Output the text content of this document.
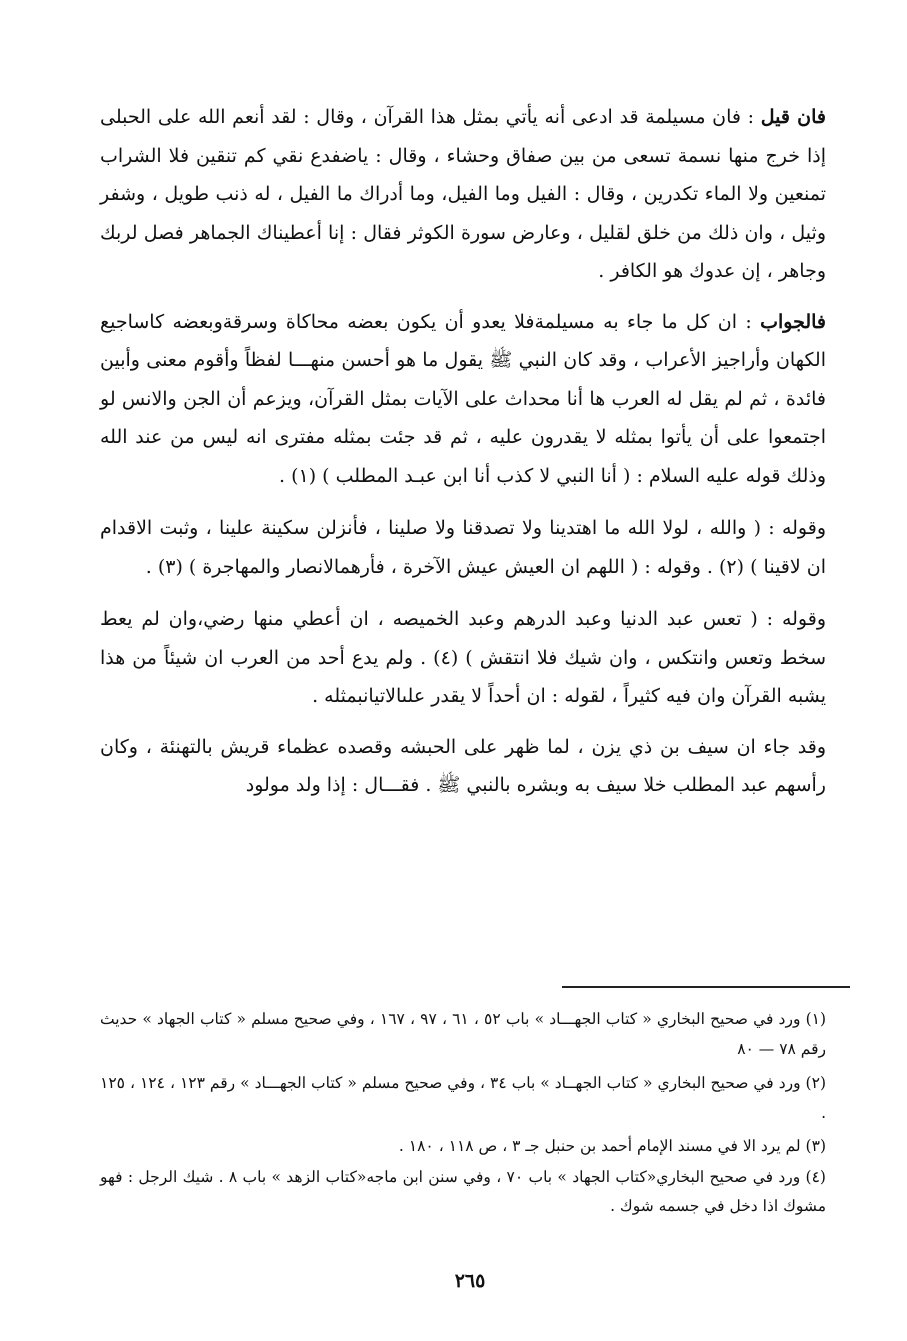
فان قيل : فان مسيلمة قد ادعى أنه يأتي بمثل هذا القرآن ، وقال : لقد أنعم الله على الحبلى إذا خرج منها نسمة تسعى من بين صفاق وحشاء ، وقال : ياضفدع نقي كم تنقين فلا الشراب تمنعين ولا الماء تكدرين ، وقال : الفيل وما الفيل، وما أدراك ما الفيل ، له ذنب طويل ، وشفر وثيل ، وان ذلك من خلق لقليل ، وعارض سورة الكوثر فقال : إنا أعطيناك الجماهر فصل لربك وجاهر ، إن عدوك هو الكافر .

فالجواب : ان كل ما جاء به مسيلمةفلا يعدو أن يكون بعضه محاكاة وسرقةوبعضه كاساجيع الكهان وأراجيز الأعراب ، وقد كان النبي ﷺ يقول ما هو أحسن منهـــا لفظاً وأقوم معنى وأبين فائدة ، ثم لم يقل له العرب ها أنا محداث على الآيات بمثل القرآن، ويزعم أن الجن والانس لو اجتمعوا على أن يأتوا بمثله لا يقدرون عليه ، ثم قد جئت بمثله مفترى انه ليس من عند الله وذلك قوله عليه السلام : ( أنا النبي لا كذب أنا ابن عبـد المطلب ) (١) .

وقوله : ( والله ، لولا الله ما اهتدينا ولا تصدقنا ولا صلينا ، فأنزلن سكينة علينا ، وثبت الاقدام ان لاقينا ) (٢) . وقوله : ( اللهم ان العيش عيش الآخرة ، فأرهمالانصار والمهاجرة ) (٣) .

وقوله : ( تعس عبد الدنيا وعبد الدرهم وعبد الخميصه ، ان أعطي منها رضي،وان لم يعط سخط وتعس وانتكس ، وان شيك فلا انتقش ) (٤) . ولم يدع أحد من العرب ان شيئاً من هذا يشبه القرآن وان فيه كثيراً ، لقوله : ان أحداً لا يقدر علىالاتيانبمثله .

وقد جاء ان سيف بن ذي يزن ، لما ظهر على الحبشه وقصده عظماء قريش بالتهنئة ، وكان رأسهم عبد المطلب خلا سيف به وبشره بالنبي ﷺ . فقـــال : إذا ولد مولود

(١) ورد في صحيح البخاري « كتاب الجهـــاد » باب ٥٢ ، ٦١ ، ٩٧ ، ١٦٧ ، وفي صحيح مسلم « كتاب الجهاد » حديث رقم ٧٨ — ٨٠

(٢) ورد في صحيح البخاري « كتاب الجهــاد » باب ٣٤ ، وفي صحيح مسلم « كتاب الجهـــاد » رقم ١٢٣ ، ١٢٤ ، ١٢٥ .

(٣) لم يرد الا في مسند الإمام أحمد بن حنبل جـ ٣ ، ص ١١٨ ، ١٨٠ .

(٤) ورد في صحيح البخاري«كتاب الجهاد » باب ٧٠ ، وفي سنن ابن ماجه«كتاب الزهد » باب ٨ . شيك الرجل : فهو مشوك اذا دخل في جسمه شوك .

٢٦٥
